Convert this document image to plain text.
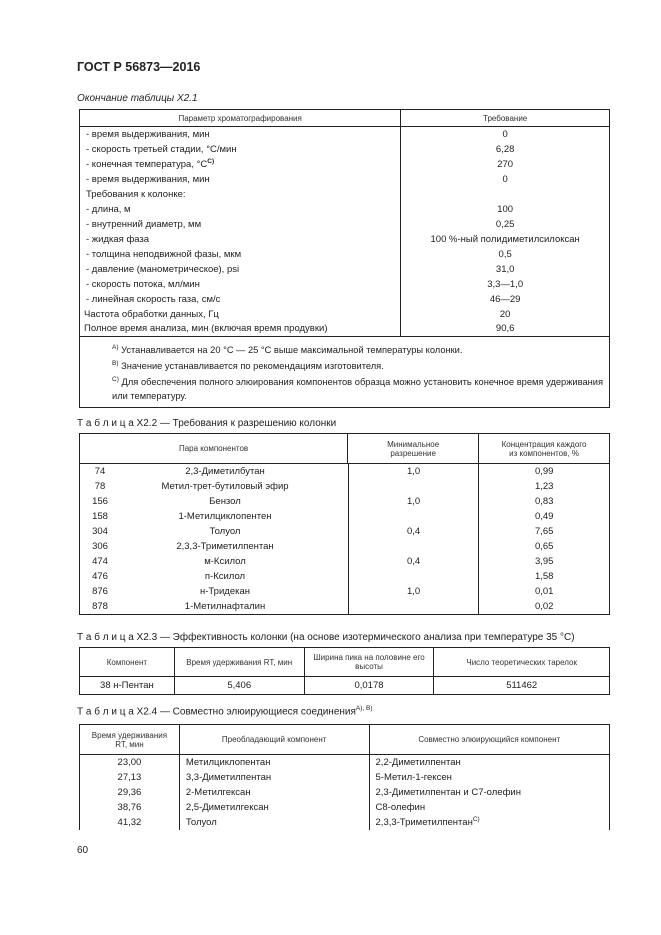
ГОСТ Р 56873—2016
Окончание таблицы X2.1
Параметр хроматографирования	Требование
- время выдерживания, мин	0
- скорость третьей стадии, °C/мин	6,28
- конечная температура, $^\circ C^{С)}$	270
- время выдерживания, мин	0
Требования к колонке:	
- длина, м	100
- внутренний диаметр, мм	0,25
- жидкая фаза	100 %-ный полидиметилсилоксан
- толщина неподвижной фазы, мкм	0,5
- давление (манометрическое), psi	31,0
- скорость потока, мл/мин	3,3—1,0
- линейная скорость газа, см/с	46—29
Частота обработки данных, Гц	20
Полное время анализа, мин (включая время продувки)	90,6

$^{А)}$ Устанавливается на 20 °C — 25 °C выше максимальной температуры колонки.
$^{В)}$ Значение устанавливается по рекомендациям изготовителя.
$^{С)}$ Для обеспечения полного элюирования компонентов образца можно установить конечное время удерживания или температуру.	
Т а б л и ц а X2.2 — Требования к разрешению колонки
Пара компонентов	Минимальное разрешение	Концентрация каждого из компонентов, %
74 2,3-Диметилбутан	1,0	0,99
78 Метил-трет-бутиловый эфир		1,23
156 Бензол	1,0	0,83
158 1-Метилциклопентен		0,49
304 Толуол	0,4	7,65
306 2,3,3-Триметилпентан		0,65
474 м-Ксилол	0,4	3,95
476 п-Ксилол		1,58
876 н-Тридекан	1,0	0,01
878 1-Метилнафталин		0,02
Т а б л и ц а X2.3 — Эффективность колонки (на основе изотермического анализа при температуре 35 °C)
Компонент	Время удерживания RT, мин	Ширина пика на половине его высоты	Число теоретических тарелок
38 н-Пентан	5,406	0,0178	511462
Т а б л и ц а X2.4 — Совместно элюирующиеся соединения$^{А), В)}$
Время удерживания RT, мин	Преобладающий компонент	Совместно элюирующийся компонент
23,00	Метилциклопентан	2,2-Диметилпентан
27,13	3,3-Диметилпентан	5-Метил-1-гексен
29,36	2-Метилгексан	2,3-Диметилпентан и C7-олефин
38,76	2,5-Диметилгексан	C8-олефин
41,32	Толуол	2,3,3-Триметилпентан$^{С)}$
60
